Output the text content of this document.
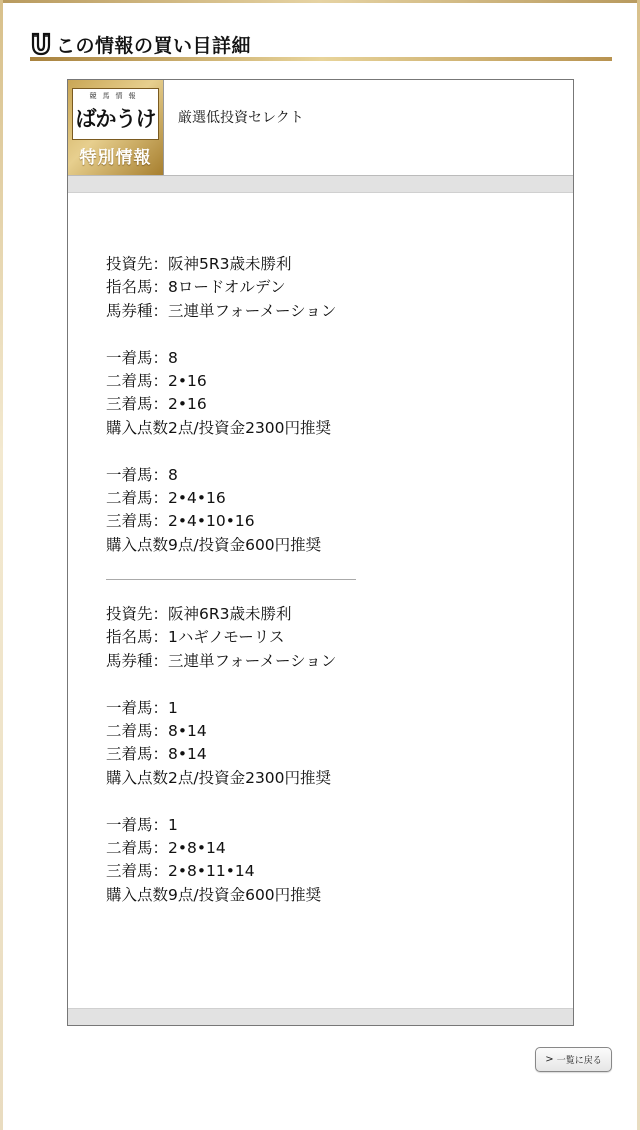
この情報の買い目詳細
競馬情報
ばかうけ
特別情報
厳選低投資セレクト
投資先：阪神5R3歳未勝利
指名馬：8ロードオルデン
馬券種：三連単フォーメーション
一着馬：8
二着馬：2•16
三着馬：2•16
購入点数2点/投資金2300円推奨
一着馬：8
二着馬：2•4•16
三着馬：2•4•10•16
購入点数9点/投資金600円推奨
投資先：阪神6R3歳未勝利
指名馬：1ハギノモーリス
馬券種：三連単フォーメーション
一着馬：1
二着馬：8•14
三着馬：8•14
購入点数2点/投資金2300円推奨
一着馬：1
二着馬：2•8•14
三着馬：2•8•11•14
購入点数9点/投資金600円推奨
> 一覧に戻る
